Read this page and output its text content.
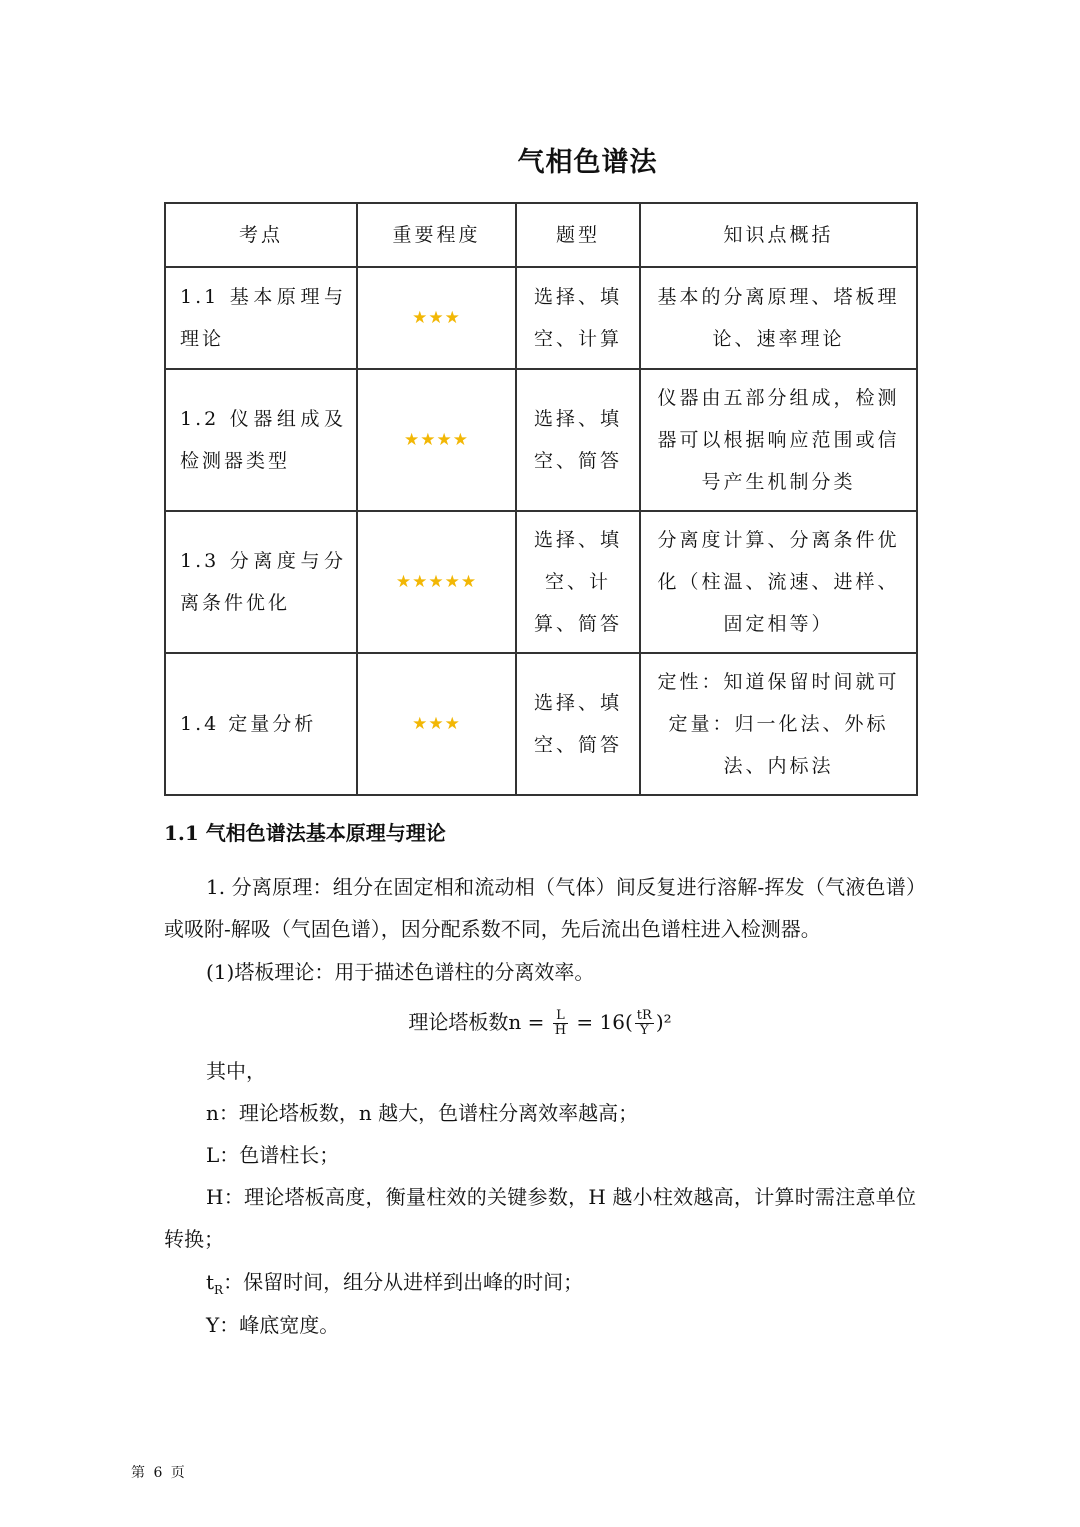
气相色谱法
考点	重要程度	题型	知识点概括
1.1 基本原理与理论	★★★	选择、填空、计算	基本的分离原理、塔板理论、速率理论
1.2 仪器组成及检测器类型	★★★★	选择、填空、简答	仪器由五部分组成，检测器可以根据响应范围或信号产生机制分类
1.3 分离度与分离条件优化	★★★★★	选择、填空、计算、简答	分离度计算、分离条件优化（柱温、流速、进样、固定相等）
1.4 定量分析	★★★	选择、填空、简答	定性：知道保留时间就可定量：归一化法、外标法、内标法
1.1 气相色谱法基本原理与理论
1. 分离原理：组分在固定相和流动相（气体）间反复进行溶解-挥发（气液色谱）或吸附-解吸（气固色谱），因分配系数不同，先后流出色谱柱进入检测器。
(1)塔板理论：用于描述色谱柱的分离效率。
理论塔板数$n = \frac{L}{H} = 16( \frac{tR}{Y} )^2$
其中，
n：理论塔板数，n 越大，色谱柱分离效率越高；
L：色谱柱长；
H：理论塔板高度，衡量柱效的关键参数，H 越小柱效越高，计算时需注意单位转换；
$t_R$：保留时间，组分从进样到出峰的时间；
Y：峰底宽度。
第 6 页
